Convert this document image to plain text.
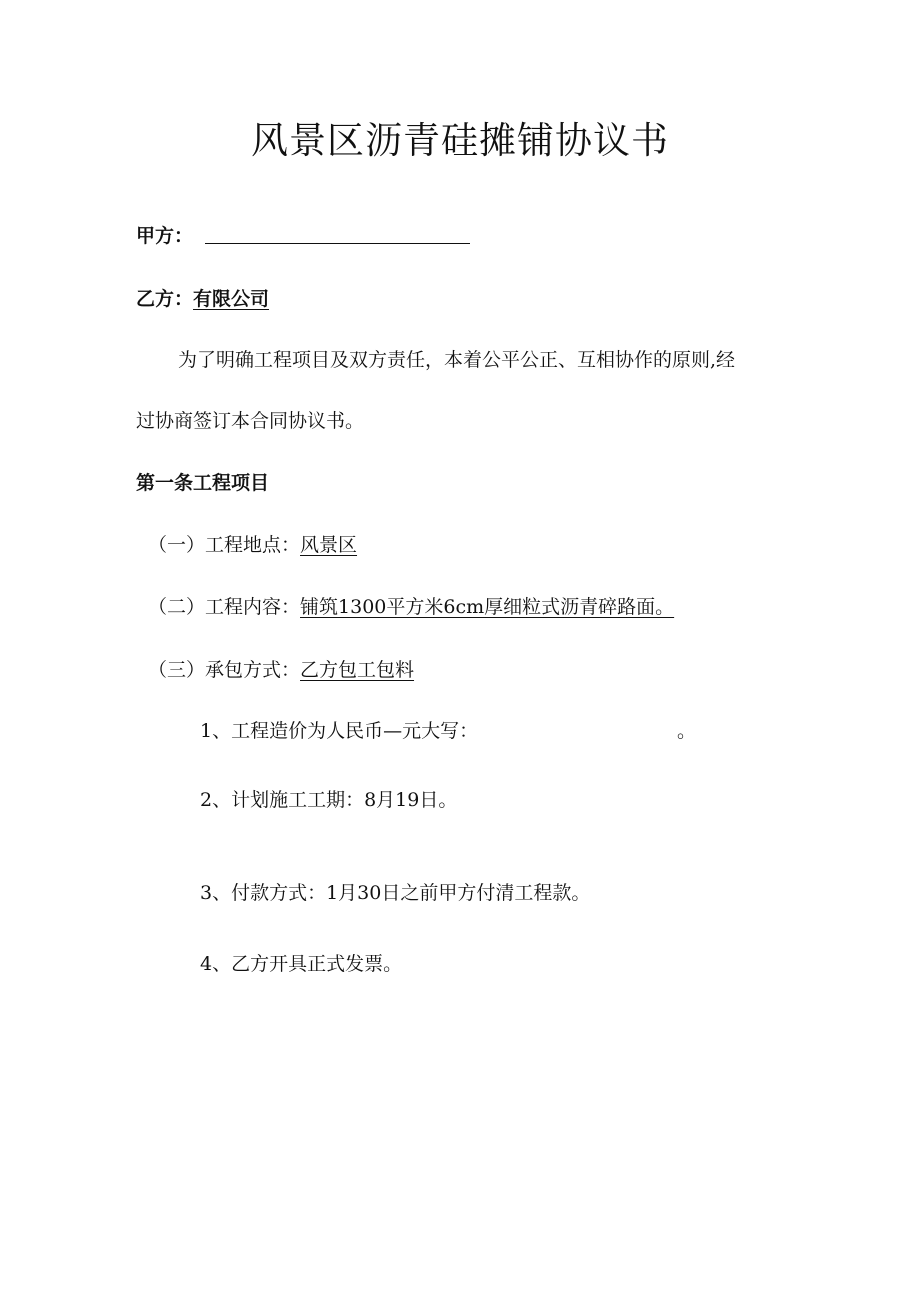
风景区沥青硅摊铺协议书
甲方：
乙方：有限公司
为了明确工程项目及双方责任，本着公平公正、互相协作的原则,经
过协商签订本合同协议书。
第一条工程项目
（一）工程地点：风景区
（二）工程内容：铺筑1300平方米6cm厚细粒式沥青碎路面。
（三）承包方式：乙方包工包料
1、工程造价为人民币—元大写：	。
2、计划施工工期：8月19日。
3、付款方式：1月30日之前甲方付清工程款。
4、乙方开具正式发票。
